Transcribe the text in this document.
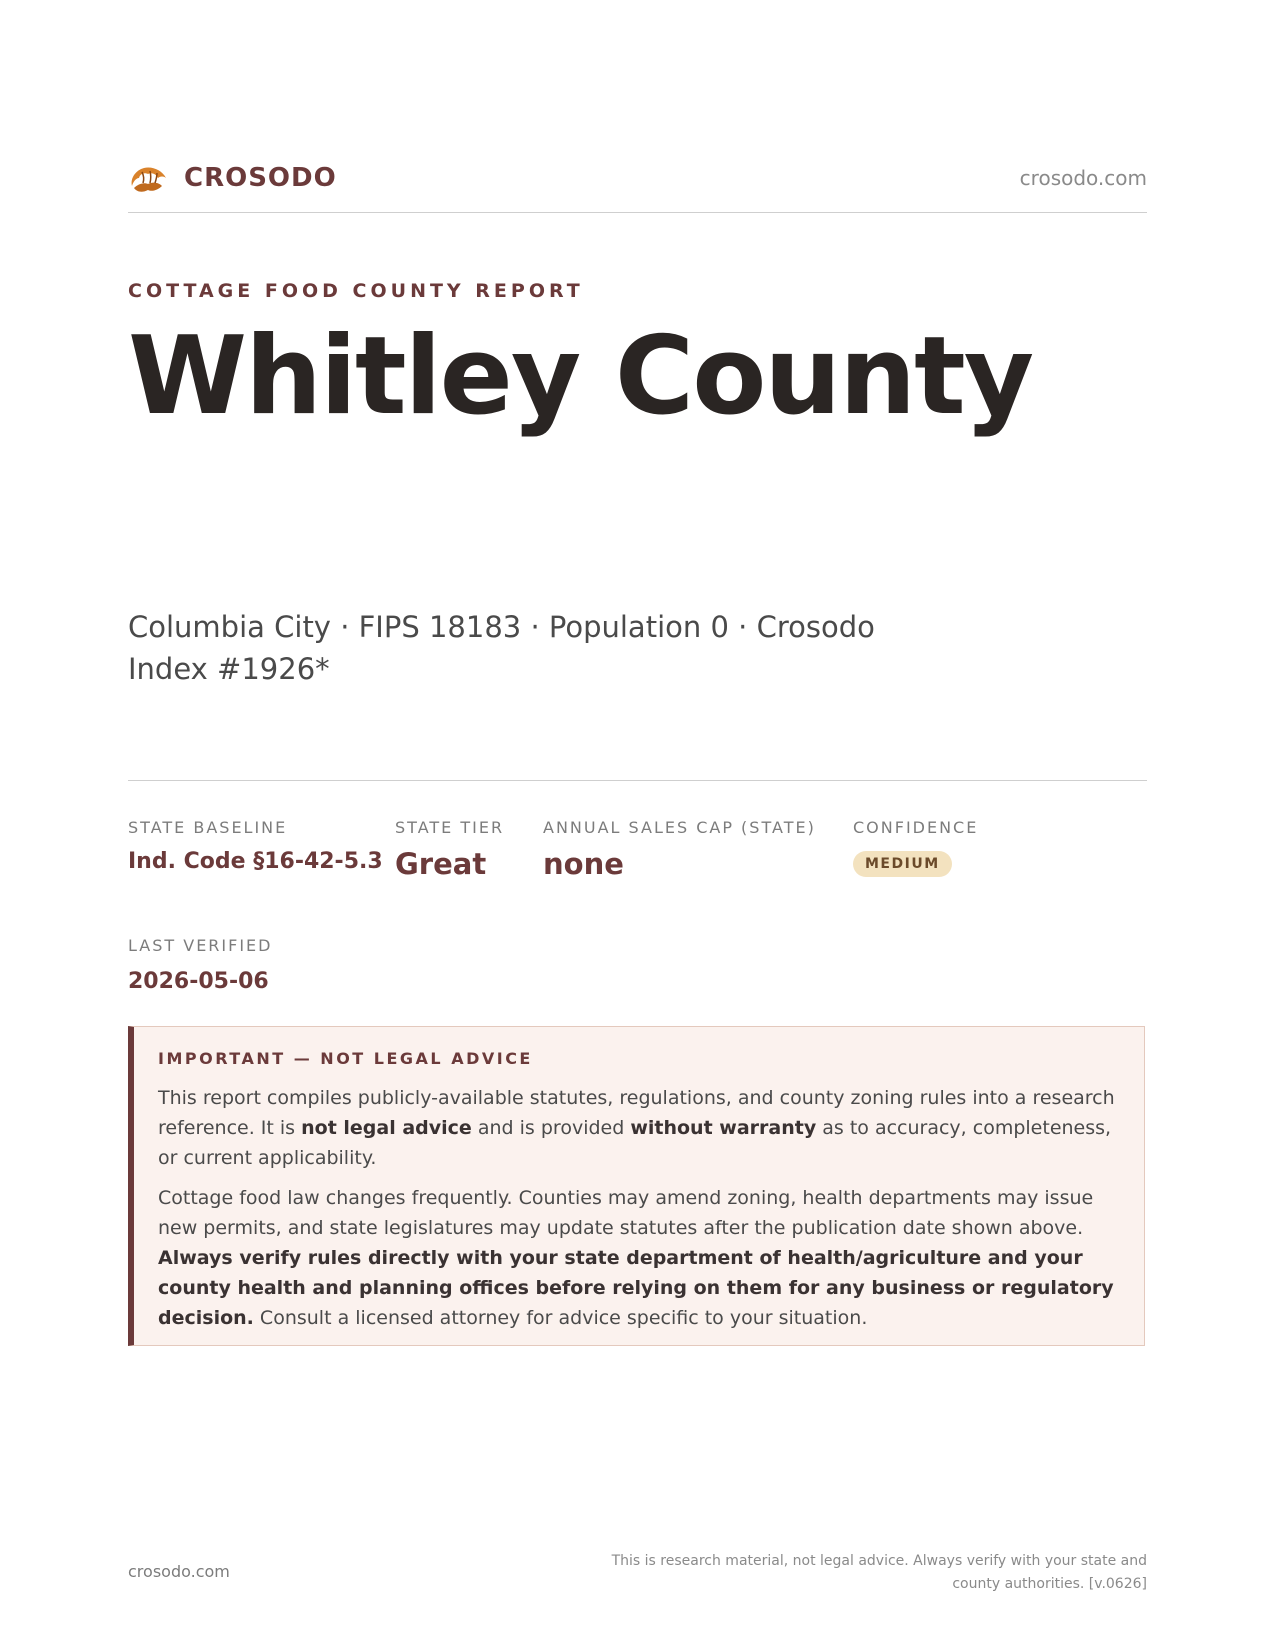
CROSODO	crosodo.com
COTTAGE FOOD COUNTY REPORT
Whitley County
Columbia City · FIPS 18183 · Population 0 · Crosodo Index #1926*
STATE BASELINE
Ind. Code §16-42-5.3
STATE TIER
Great
ANNUAL SALES CAP (STATE)
none
CONFIDENCE
MEDIUM
LAST VERIFIED
2026-05-06
IMPORTANT — NOT LEGAL ADVICE

This report compiles publicly-available statutes, regulations, and county zoning rules into a research reference. It is not legal advice and is provided without warranty as to accuracy, completeness, or current applicability.

Cottage food law changes frequently. Counties may amend zoning, health departments may issue new permits, and state legislatures may update statutes after the publication date shown above. Always verify rules directly with your state department of health/agriculture and your county health and planning offices before relying on them for any business or regulatory decision. Consult a licensed attorney for advice specific to your situation.

crosodo.com
This is research material, not legal advice. Always verify with your state and county authorities. [v.0626]
